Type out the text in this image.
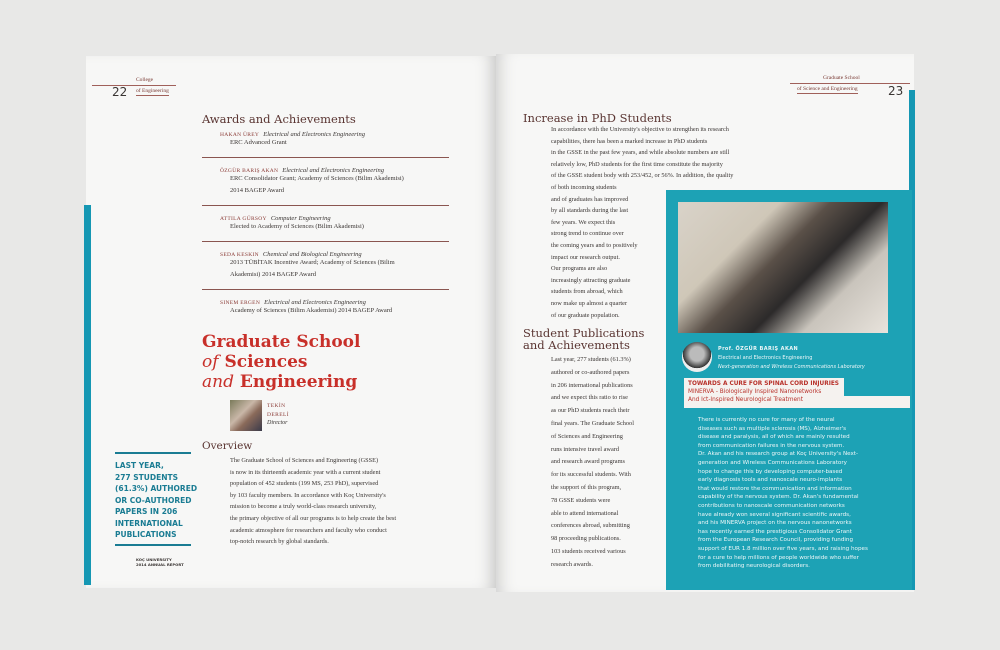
College
22 of Engineering
Awards and Achievements
HAKAN ÜREY Electrical and Electronics Engineering
ERC Advanced Grant
ÖZGÜR BARIŞ AKAN Electrical and Electronics Engineering
ERC Consolidator Grant; Academy of Sciences (Bilim Akademisi)
2014 BAGEP Award
ATTILA GÜRSOY Computer Engineering
Elected to Academy of Sciences (Bilim Akademisi)
SEDA KESKIN Chemical and Biological Engineering
2013 TÜBİTAK Incentive Award; Academy of Sciences (Bilim
Akademisi) 2014 BAGEP Award
SINEM ERGEN Electrical and Electronics Engineering
Academy of Sciences (Bilim Akademisi) 2014 BAGEP Award
Graduate School
of Sciences
and Engineering
TEKİN
DERELİ
Director
Overview
The Graduate School of Sciences and Engineering (GSSE)
is now in its thirteenth academic year with a current student
population of 452 students (199 MS, 253 PhD), supervised
by 103 faculty members. In accordance with Koç University's
mission to become a truly world-class research university,
the primary objective of all our programs is to help create the best
academic atmosphere for researchers and faculty who conduct
top-notch research by global standards.
LAST YEAR,
277 STUDENTS
(61.3%) AUTHORED
OR CO-AUTHORED
PAPERS IN 206
INTERNATIONAL
PUBLICATIONS
KOÇ UNIVERSITY
2014 ANNUAL REPORT
Graduate School
of Science and Engineering	23
Increase in PhD Students
In accordance with the University's objective to strengthen its research
capabilities, there has been a marked increase in PhD students
in the GSSE in the past few years, and while absolute numbers are still
relatively low, PhD students for the first time constitute the majority
of the GSSE student body with 253/452, or 56%. In addition, the quality
of both incoming students
and of graduates has improved
by all standards during the last
few years. We expect this
strong trend to continue over
the coming years and to positively
impact our research output.
Our programs are also
increasingly attracting graduate
students from abroad, which
now make up almost a quarter
of our graduate population.
Student Publications
and Achievements
Last year, 277 students (61.3%)
authored or co-authored papers
in 206 international publications
and we expect this ratio to rise
as our PhD students reach their
final years. The Graduate School
of Sciences and Engineering
runs intensive travel award
and research award programs
for its successful students. With
the support of this program,
78 GSSE students were
able to attend international
conferences abroad, submitting
98 proceeding publications.
103 students received various
research awards.
Prof. ÖZGÜR BARIŞ AKAN
Electrical and Electronics Engineering
Next-generation and Wireless Communications Laboratory
TOWARDS A CURE FOR SPINAL CORD INJURIES
MINERVA - Biologically Inspired Nanonetworks
And Ict-Inspired Neurological Treatment
There is currently no cure for many of the neural
diseases such as multiple sclerosis (MS), Alzheimer's
disease and paralysis, all of which are mainly resulted
from communication failures in the nervous system.
Dr. Akan and his research group at Koç University's Next-
generation and Wireless Communications Laboratory
hope to change this by developing computer-based
early diagnosis tools and nanoscale neuro-implants
that would restore the communication and information
capability of the nervous system. Dr. Akan's fundamental
contributions to nanoscale communication networks
have already won several significant scientific awards,
and his MINERVA project on the nervous nanonetworks
has recently earned the prestigious Consolidator Grant
from the European Research Council, providing funding
support of EUR 1.8 million over five years, and raising hopes
for a cure to help millions of people worldwide who suffer
from debilitating neurological disorders.
